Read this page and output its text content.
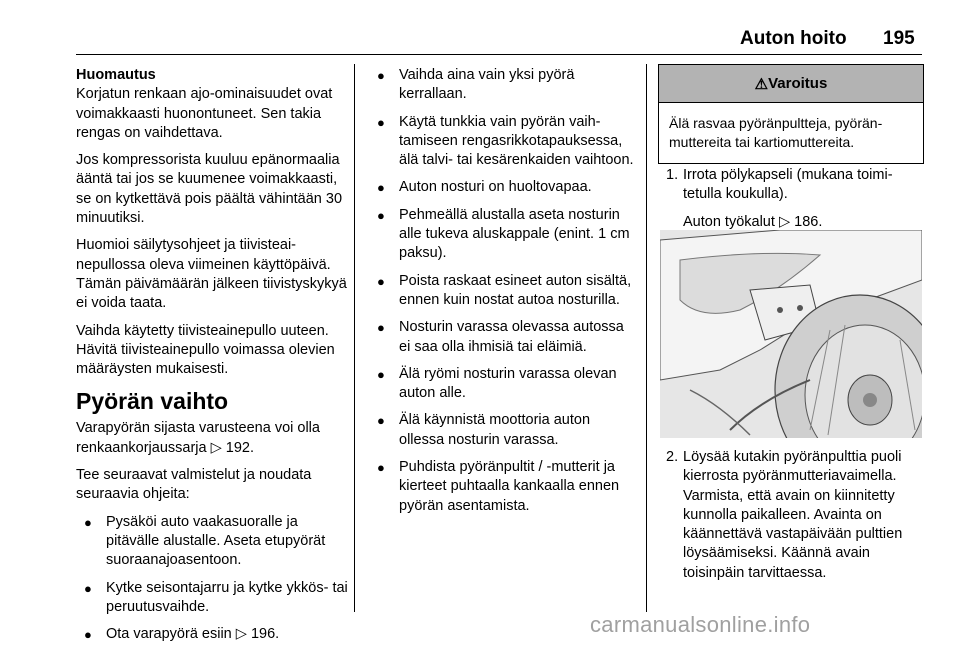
Auton hoito 195
Huomautus

Korjatun renkaan ajo-ominaisuudet ovat voimakkaasti huonontuneet. Sen takia rengas on vaihdettava.

Jos kompressorista kuuluu epänormaalia ääntä tai jos se kuumenee voimakkaasti, se on kytkettävä pois päältä vähintään 30 minuutiksi.

Huomioi säilytysohjeet ja tiivisteainepullossa oleva viimeinen käyttöpäivä. Tämän päivämäärän jälkeen tiivistyskykyä ei voida taata.

Vaihda käytetty tiivisteainepullo uuteen. Hävitä tiivisteainepullo voimassa olevien määräysten mukaisesti.

Pyörän vaihto

Varapyörän sijasta varusteena voi olla renkaankorjaussarja ▷ 192.

Tee seuraavat valmistelut ja noudata seuraavia ohjeita:

● Pysäköi auto vaakasuoralle ja pitävälle alustalle. Aseta etupyörät suoraanajoasentoon.
● Kytke seisontajarru ja kytke ykkös- tai peruutusvaihde.
● Ota varapyörä esiin ▷ 196.
● Vaihda aina vain yksi pyörä kerrallaan.
● Käytä tunkkia vain pyörän vaihtamiseen rengasrikkotapauksessa, älä talvi- tai kesärenkaiden vaihtoon.
● Auton nosturi on huoltovapaa.
● Pehmeällä alustalla aseta nosturin alle tukeva aluskappale (enint. 1 cm paksu).
● Poista raskaat esineet auton sisältä, ennen kuin nostat autoa nosturilla.
● Nosturin varassa olevassa autossa ei saa olla ihmisiä tai eläimiä.
● Älä ryömi nosturin varassa olevan auton alle.
● Älä käynnistä moottoria auton ollessa nosturin varassa.
● Puhdista pyöränpultit / -mutterit ja kierteet puhtaalla kankaalla ennen pyörän asentamista.
⚠ Varoitus
Älä rasvaa pyöränpultteja, pyöränmuttereita tai kartiomuttereita.
1. Irrota pölykapseli (mukana toimitetulla koukulla).
Auton työkalut ▷ 186.
2. Löysää kutakin pyöränpulttia puoli kierrosta pyöränmutteriavaimella. Varmista, että avain on kiinnitetty kunnolla paikalleen. Avainta on käännettävä vastapäivään pulttien löysäämiseksi. Käännä avain toisinpäin tarvittaessa.
carmanualsonline.info
